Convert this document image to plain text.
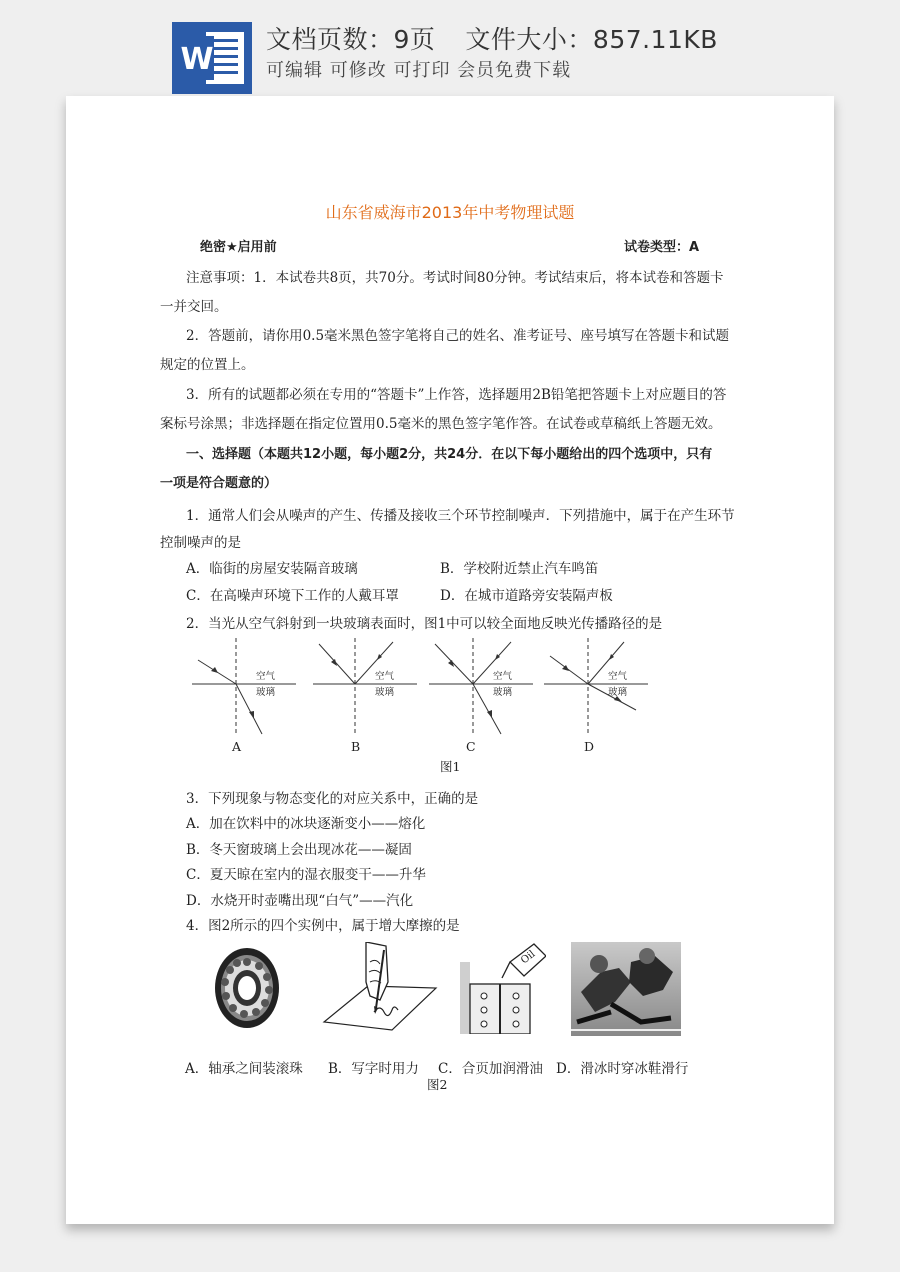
W
文档页数：9页 文件大小：857.11KB
可编辑 可修改 可打印 会员免费下载
山东省威海市2013年中考物理试题
绝密★启用前	试卷类型：A
注意事项：1．本试卷共8页，共70分。考试时间80分钟。考试结束后，将本试卷和答题卡
一并交回。
2．答题前，请你用0.5毫米黑色签字笔将自己的姓名、准考证号、座号填写在答题卡和试题
规定的位置上。
3．所有的试题都必须在专用的“答题卡”上作答，选择题用2B铅笔把答题卡上对应题目的答
案标号涂黑；非选择题在指定位置用0.5毫米的黑色签字笔作答。在试卷或草稿纸上答题无效。
一、选择题（本题共12小题，每小题2分，共24分．在以下每小题给出的四个选项中，只有
一项是符合题意的）
1．通常人们会从噪声的产生、传播及接收三个环节控制噪声．下列措施中，属于在产生环节
控制噪声的是
A．临街的房屋安装隔音玻璃	B．学校附近禁止汽车鸣笛
C．在高噪声环境下工作的人戴耳罩	D．在城市道路旁安装隔声板
2．当光从空气斜射到一块玻璃表面时，图1中可以较全面地反映光传播路径的是
空气
玻璃
空气
玻璃
空气
玻璃
空气
玻璃
A	B	C	D
图1
3．下列现象与物态变化的对应关系中，正确的是
A．加在饮料中的冰块逐渐变小——熔化
B．冬天窗玻璃上会出现冰花——凝固
C．夏天晾在室内的湿衣服变干——升华
D．水烧开时壶嘴出现“白气”——汽化
4．图2所示的四个实例中，属于增大摩擦的是
Oil
A．轴承之间装滚珠 B．写字时用力 C．合页加润滑油 D．滑冰时穿冰鞋滑行
图2
